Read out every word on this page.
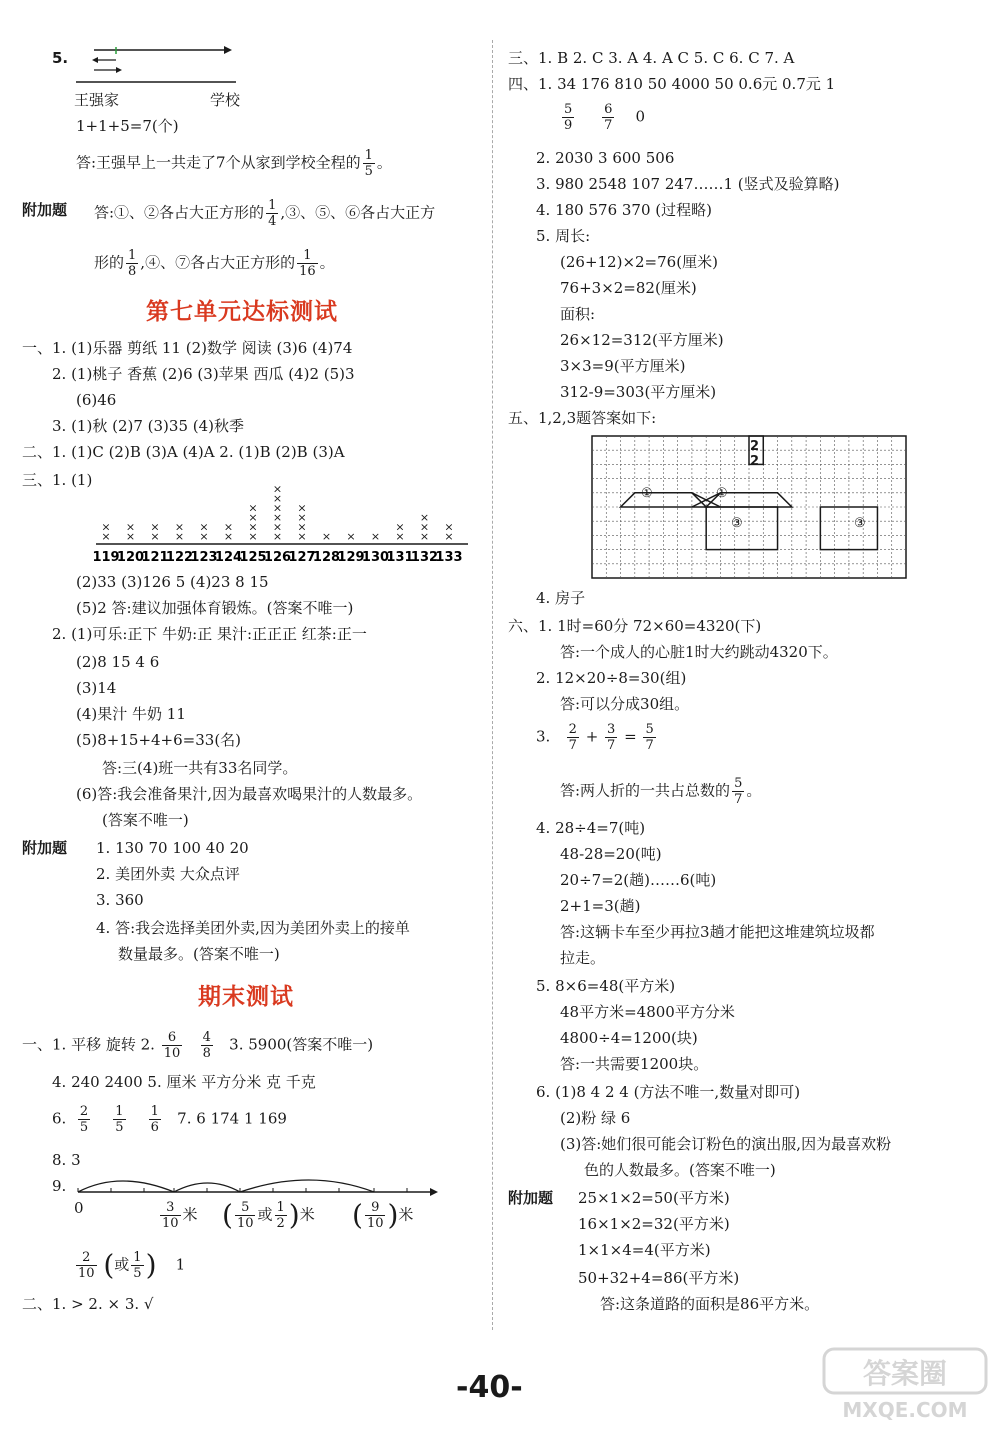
5.
王强家	学校
1+1+5=7(个)
答:王强早上一共走了7个从家到学校全程的 $\frac{1}{5}$ 。
附加题 答:①、②各占大正方形的 $\frac{1}{4}$ ,③、⑤、⑥各占大正方
形的 $\frac{1}{8}$ ,④、⑦各占大正方形的 $\frac{1}{16}$ 。
第七单元达标测试
一、1. (1)乐器 剪纸 11 (2)数学 阅读 (3)6 (4)74
2. (1)桃子 香蕉 (2)6 (3)苹果 西瓜 (4)2 (5)3
(6)46
3. (1)秋 (2)7 (3)35 (4)秋季
二、1. (1)C (2)B (3)A (4)A 2. (1)B (2)B (3)A
三、1. (1)
×
×
119
×
×
120
×
×
121
×
×
122
×
×
123
×
×
124
×
×
×
×
125
×
×
×
×
×
×
126
×
×
×
×
127
×
128
×
129
×
130
×
×
131
×
×
×
132
×
×
133
(2)33 (3)126 5 (4)23 8 15
(5)2 答:建议加强体育锻炼。(答案不唯一)
2. (1)可乐:正下 牛奶:正 果汁:正正正 红茶:正一
(2)8 15 4 6
(3)14
(4)果汁 牛奶 11
(5)8+15+4+6=33(名)
答:三(4)班一共有33名同学。
(6)答:我会准备果汁,因为最喜欢喝果汁的人数最多。
(答案不唯一)
附加题 1. 130 70 100 40 20
2. 美团外卖 大众点评
3. 360
4. 答:我会选择美团外卖,因为美团外卖上的接单
数量最多。(答案不唯一)
期末测试
一、1. 平移 旋转 2. $\frac{6}{10}$
$\frac{4}{8} 3$. 5900(答案不唯一)
4. 240 2400 5. 厘米 平方分米 克 千克
6. $\frac{2}{5}$
$\frac{1}{5}$
$\frac{1}{6} 7$. 6 174 1 169
8. 3
9.
0	$\frac{3}{10}$ 米 ( $\frac{5}{10}$ 或 $\frac{1}{2}$ )米 ( $\frac{9}{10}$ )米
$\frac{2}{10}$ (或 $\frac{1}{5}$ ) 1
二、1. > 2. × 3. √
三、1. B 2. C 3. A 4. A C 5. C 6. C 7. A
四、1. 34 176 810 50 4000 50 0.6元 0.7元 1
$\frac{5}{9}$
$\frac{6}{7} 0$
2. 2030 3 600 506
3. 980 2548 107 247……1 (竖式及验算略)
4. 180 576 370 (过程略)
5. 周长:
(26+12)×2=76(厘米)
76+3×2=82(厘米)
面积:
26×12=312(平方厘米)
3×3=9(平方厘米)
312-9=303(平方厘米)
五、1,2,3题答案如下:
①	①
③	③
2
2
4. 房子
六、1. 1时=60分 72×60=4320(下)
答:一个成人的心脏1时大约跳动4320下。
2. 12×20÷8=30(组)
答:可以分成30组。
3. $\frac{2}{7} + \frac{3}{7} = \frac{5}{7}$
答:两人折的一共占总数的 $\frac{5}{7}$ 。
4. 28÷4=7(吨)
48-28=20(吨)
20÷7=2(趟)……6(吨)
2+1=3(趟)
答:这辆卡车至少再拉3趟才能把这堆建筑垃圾都
拉走。
5. 8×6=48(平方米)
48平方米=4800平方分米
4800÷4=1200(块)
答:一共需要1200块。
6. (1)8 4 2 4 (方法不唯一,数量对即可)
(2)粉 绿 6
(3)答:她们很可能会订粉色的演出服,因为最喜欢粉
色的人数最多。(答案不唯一)
附加题 25×1×2=50(平方米)
16×1×2=32(平方米)
1×1×4=4(平方米)
50+32+4=86(平方米)
答:这条道路的面积是86平方米。
-40-	答案圈
MXQE.COM
